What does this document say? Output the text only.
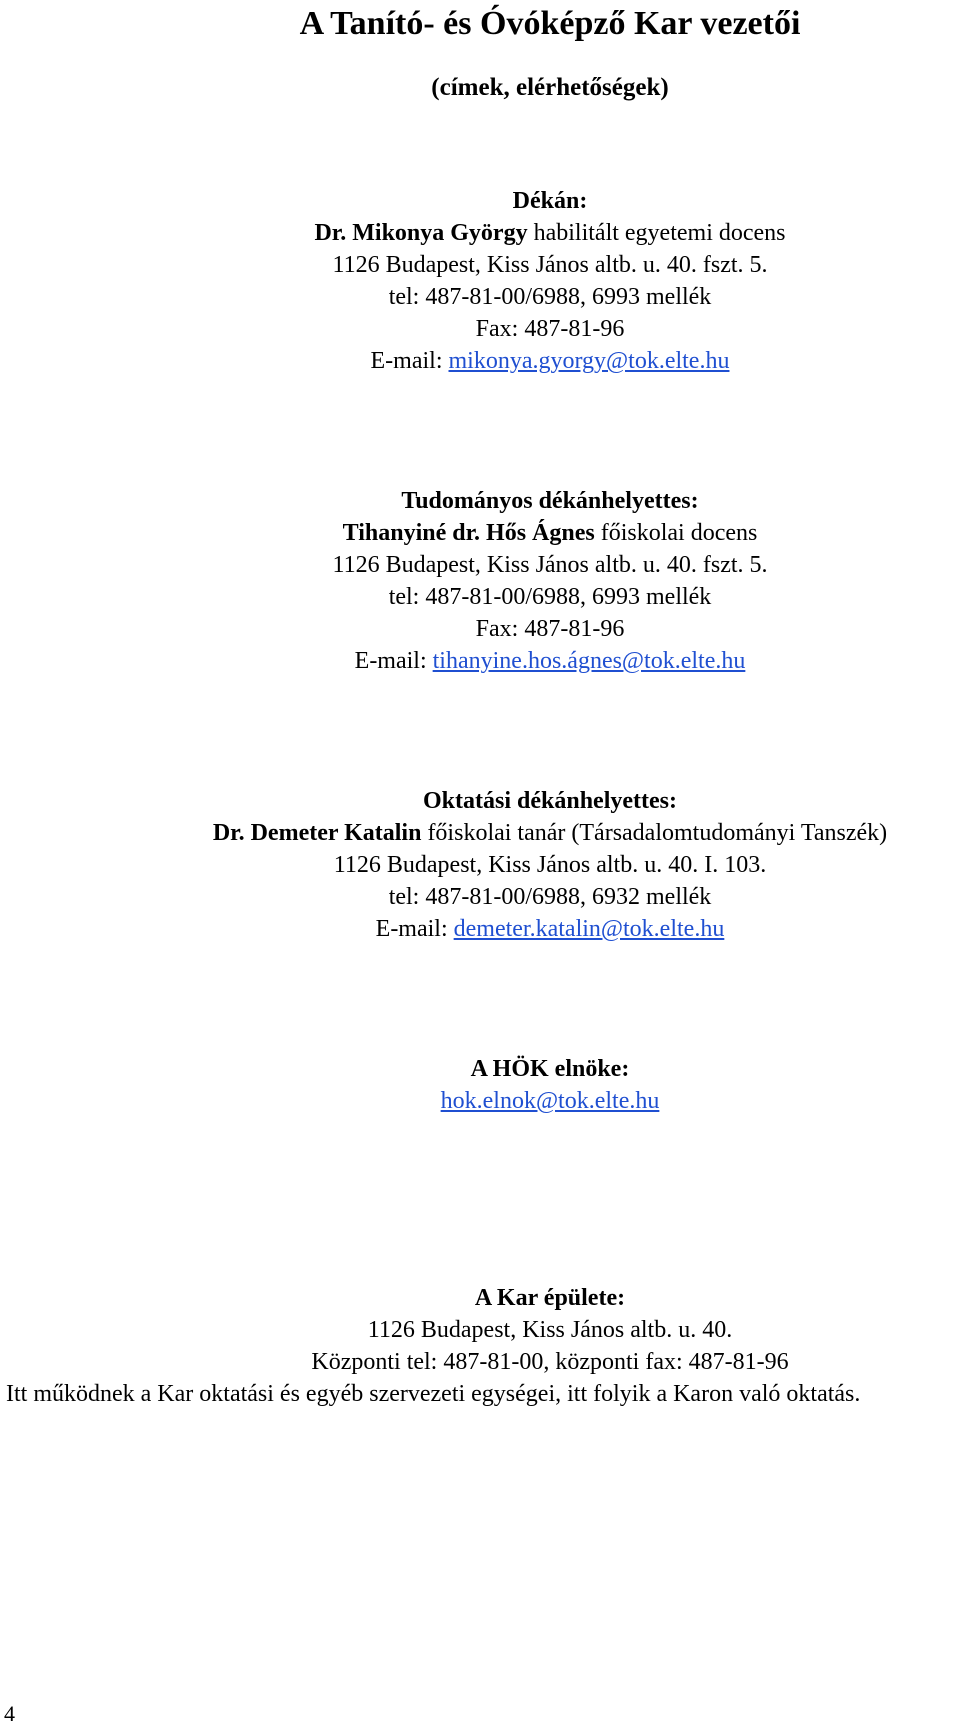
A Tanító- és Óvóképző Kar vezetői
(címek, elérhetőségek)
Dékán:
Dr. Mikonya György habilitált egyetemi docens
1126 Budapest, Kiss János altb. u. 40. fszt. 5.
tel: 487-81-00/6988, 6993 mellék
Fax: 487-81-96
E-mail: mikonya.gyorgy@tok.elte.hu
Tudományos dékánhelyettes:
Tihanyiné dr. Hős Ágnes főiskolai docens
1126 Budapest, Kiss János altb. u. 40. fszt. 5.
tel: 487-81-00/6988, 6993 mellék
Fax: 487-81-96
E-mail: tihanyine.hos.ágnes@tok.elte.hu
Oktatási dékánhelyettes:
Dr. Demeter Katalin főiskolai tanár (Társadalomtudományi Tanszék)
1126 Budapest, Kiss János altb. u. 40. I. 103.
tel: 487-81-00/6988, 6932 mellék
E-mail: demeter.katalin@tok.elte.hu
A HÖK elnöke:
hok.elnok@tok.elte.hu
A Kar épülete:
1126 Budapest, Kiss János altb. u. 40.
Központi tel: 487-81-00, központi fax: 487-81-96
Itt működnek a Kar oktatási és egyéb szervezeti egységei, itt folyik a Karon való oktatás.
4
